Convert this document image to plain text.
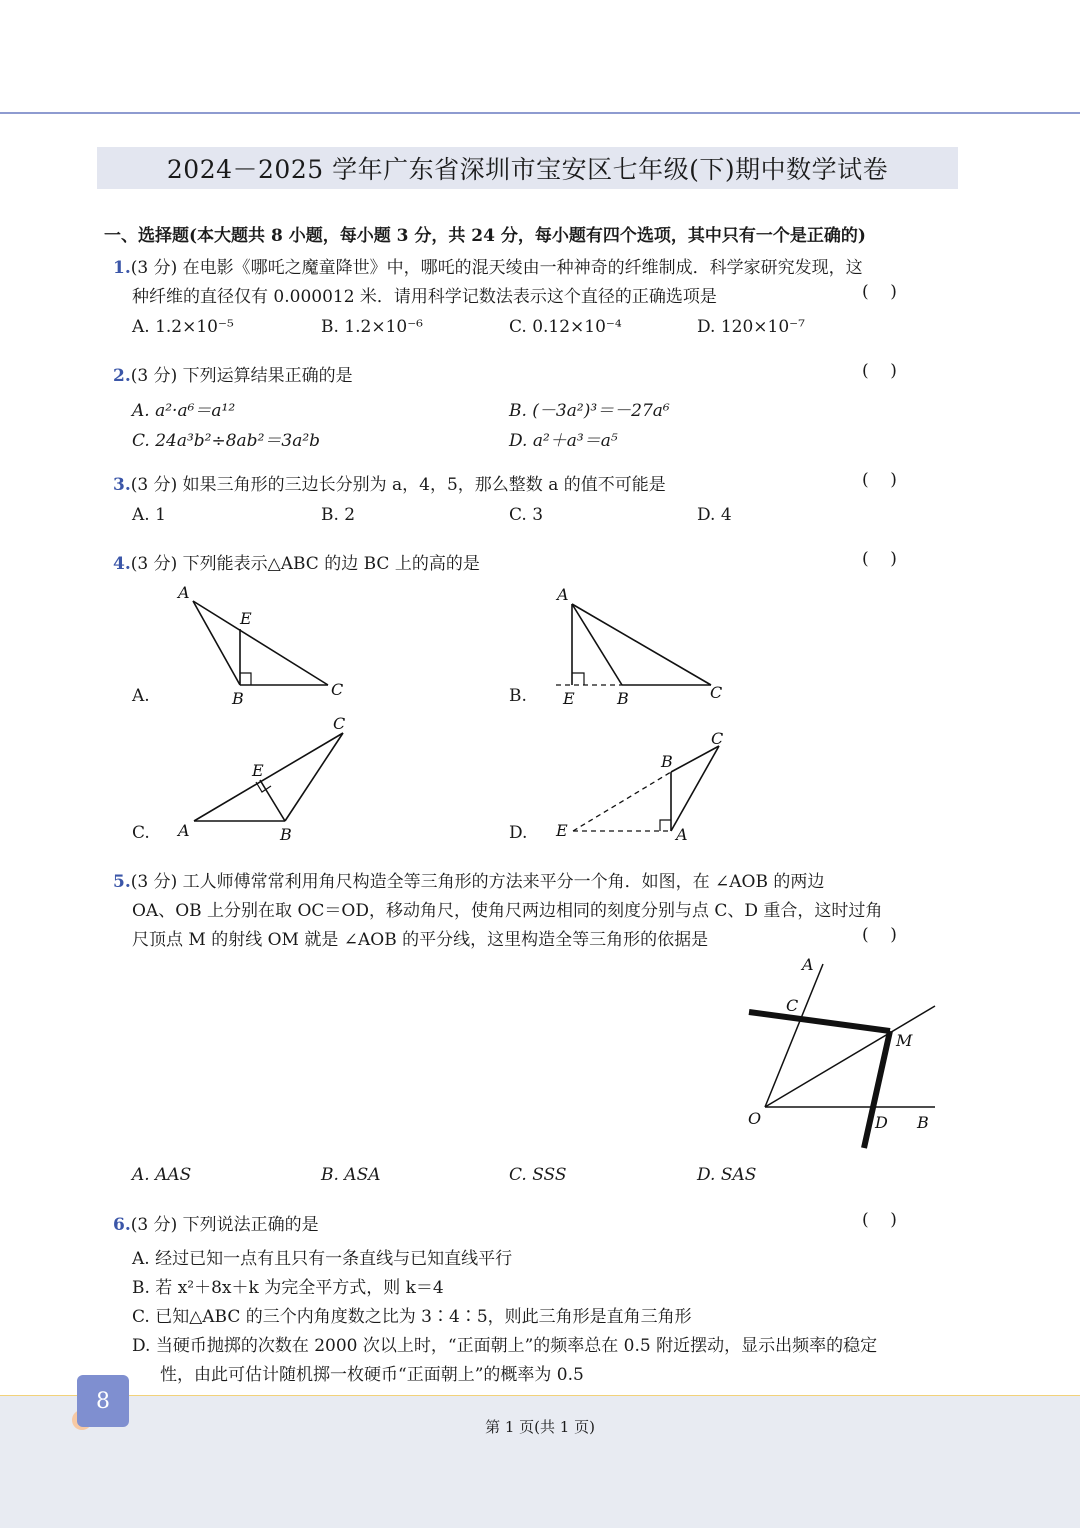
2024－2025 学年广东省深圳市宝安区七年级(下)期中数学试卷
一、选择题(本大题共 8 小题，每小题 3 分，共 24 分，每小题有四个选项，其中只有一个是正确的)
1.(3 分) 在电影《哪吒之魔童降世》中，哪吒的混天绫由一种神奇的纤维制成．科学家研究发现，这
种纤维的直径仅有 0.000012 米．请用科学记数法表示这个直径的正确选项是	(    )
A. 1.2×10⁻⁵	B. 1.2×10⁻⁶	C. 0.12×10⁻⁴	D. 120×10⁻⁷
2.(3 分) 下列运算结果正确的是	(    )
A. a²·a⁶＝a¹²	B. (－3a²)³＝－27a⁶
C. 24a³b²÷8ab²＝3a²b	D. a²＋a³＝a⁵
3.(3 分) 如果三角形的三边长分别为 a，4，5，那么整数 a 的值不可能是	(    )
A. 1	B. 2	C. 3	D. 4
4.(3 分) 下列能表示△ABC 的边 BC 上的高的是	(    )
A.	B.
C.	D.
A
E
B	C
A
E	B	C
C
E
A	B
C
B
E	A
5.(3 分) 工人师傅常常利用角尺构造全等三角形的方法来平分一个角．如图，在 ∠AOB 的两边
OA、OB 上分别在取 OC＝OD，移动角尺，使角尺两边相同的刻度分别与点 C、D 重合，这时过角
尺顶点 M 的射线 OM 就是 ∠AOB 的平分线，这里构造全等三角形的依据是	(    )
A
C
M
O	D B
A. AAS	B. ASA	C. SSS	D. SAS
6.(3 分) 下列说法正确的是	(    )
A. 经过已知一点有且只有一条直线与已知直线平行
B. 若 x²＋8x＋k 为完全平方式，则 k＝4
C. 已知△ABC 的三个内角度数之比为 3∶4∶5，则此三角形是直角三角形
D. 当硬币抛掷的次数在 2000 次以上时，“正面朝上”的频率总在 0.5 附近摆动，显示出频率的稳定
性，由此可估计随机掷一枚硬币“正面朝上”的概率为 0.5
8
第 1 页(共 1 页)
